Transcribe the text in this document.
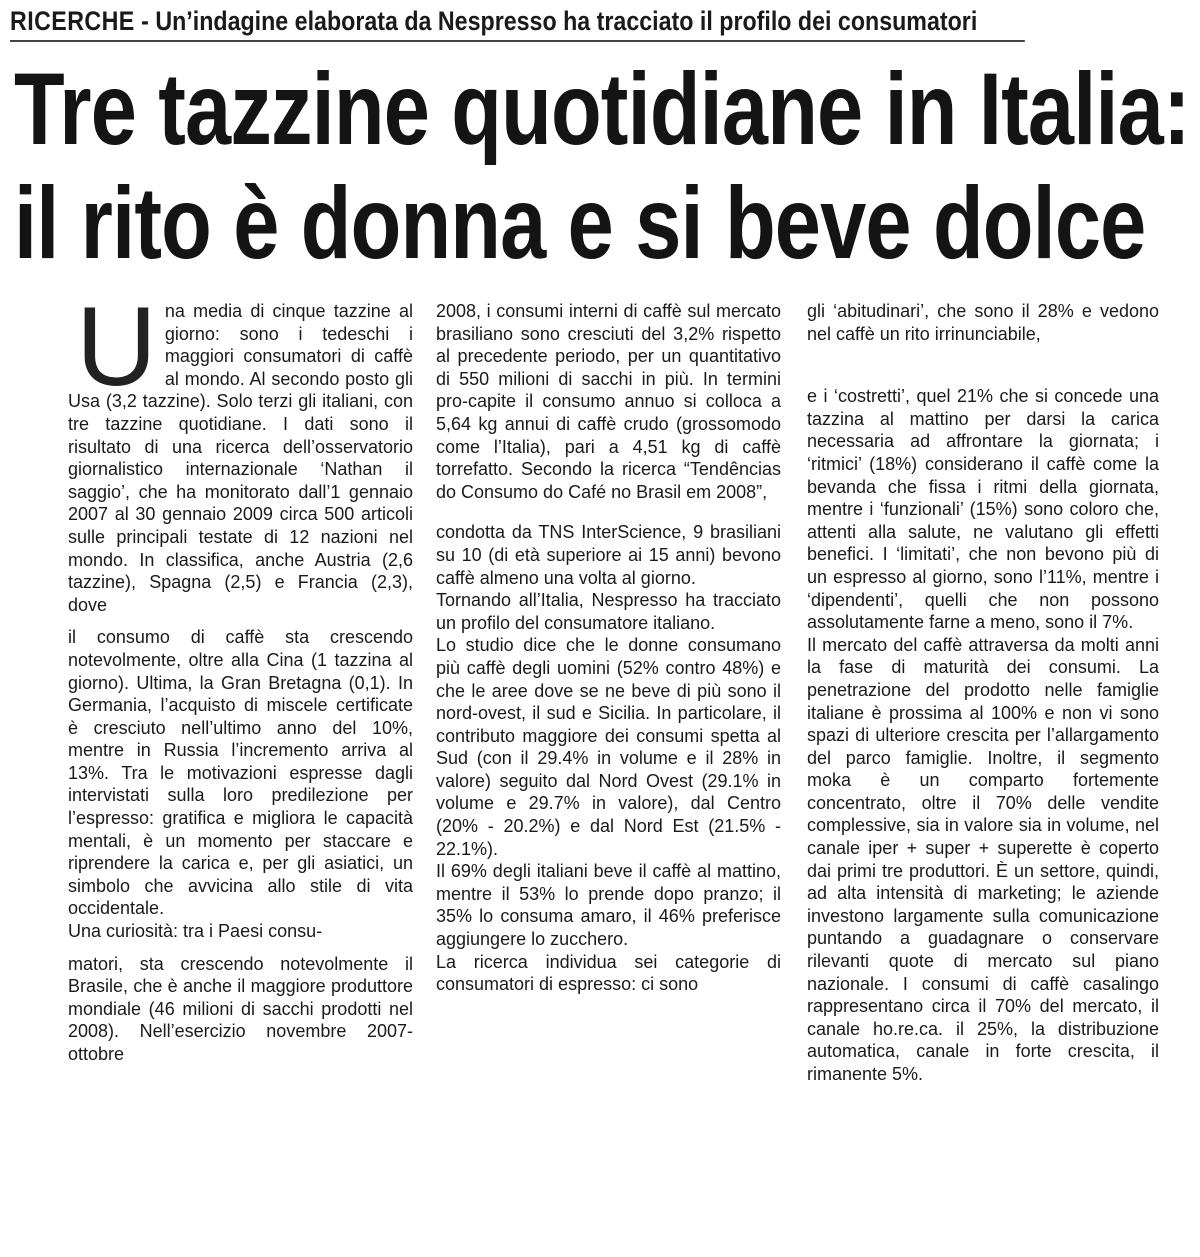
RICERCHE - Un’indagine elaborata da Nespresso ha tracciato il profilo dei consumatori
Tre tazzine quotidiane in Italia:
il rito è donna e si beve dolce

Una media di cinque tazzine al giorno: sono i tedeschi i maggiori consumatori di caffè al mondo. Al secondo posto gli Usa (3,2 tazzine). Solo terzi gli italiani, con tre tazzine quotidiane. I dati sono il risultato di una ricerca dell’osservatorio giornalistico internazionale ‘Nathan il saggio’, che ha monitorato dall’1 gennaio 2007 al 30 gennaio 2009 circa 500 articoli sulle principali testate di 12 nazioni nel mondo. In classifica, anche Austria (2,6 tazzine), Spagna (2,5) e Francia (2,3), dove

il consumo di caffè sta crescendo notevolmente, oltre alla Cina (1 tazzina al giorno). Ultima, la Gran Bretagna (0,1). In Germania, l’acquisto di miscele certificate è cresciuto nell’ultimo anno del 10%, mentre in Russia l’incremento arriva al 13%. Tra le motivazioni espresse dagli intervistati sulla loro predilezione per l’espresso: gratifica e migliora le capacità mentali, è un momento per staccare e riprendere la carica e, per gli asiatici, un simbolo che avvicina allo stile di vita occidentale.

Una curiosità: tra i Paesi consu-

matori, sta crescendo notevolmente il Brasile, che è anche il maggiore produttore mondiale (46 milioni di sacchi prodotti nel 2008). Nell’esercizio novembre 2007- ottobre

2008, i consumi interni di caffè sul mercato brasiliano sono cresciuti del 3,2% rispetto al precedente periodo, per un quantitativo di 550 milioni di sacchi in più. In termini pro-capite il consumo annuo si colloca a 5,64 kg annui di caffè crudo (grossomodo come l’Italia), pari a 4,51 kg di caffè torrefatto. Secondo la ricerca “Tendências do Consumo do Café no Brasil em 2008”,

condotta da TNS InterScience, 9 brasiliani su 10 (di età superiore ai 15 anni) bevono caffè almeno una volta al giorno.

Tornando all’Italia, Nespresso ha tracciato un profilo del consumatore italiano.

Lo studio dice che le donne consumano più caffè degli uomini (52% contro 48%) e che le aree dove se ne beve di più sono il nord-ovest, il sud e Sicilia. In particolare, il contributo maggiore dei consumi spetta al Sud (con il 29.4% in volume e il 28% in valore) seguito dal Nord Ovest (29.1% in volume e 29.7% in valore), dal Centro (20% - 20.2%) e dal Nord Est (21.5% - 22.1%).

Il 69% degli italiani beve il caffè al mattino, mentre il 53% lo prende dopo pranzo; il 35% lo consuma amaro, il 46% preferisce aggiungere lo zucchero.

La ricerca individua sei categorie di consumatori di espresso: ci sono

gli ‘abitudinari’, che sono il 28% e vedono nel caffè un rito irrinunciabile,

e i ‘costretti’, quel 21% che si concede una tazzina al mattino per darsi la carica necessaria ad affrontare la giornata; i ‘ritmici’ (18%) considerano il caffè come la bevanda che fissa i ritmi della giornata, mentre i ‘funzionali’ (15%) sono coloro che, attenti alla salute, ne valutano gli effetti benefici. I ‘limitati’, che non bevono più di un espresso al giorno, sono l’11%, mentre i ‘dipendenti’, quelli che non possono assolutamente farne a meno, sono il 7%.

Il mercato del caffè attraversa da molti anni la fase di maturità dei consumi. La penetrazione del prodotto nelle famiglie italiane è prossima al 100% e non vi sono spazi di ulteriore crescita per l’allargamento del parco famiglie. Inoltre, il segmento moka è un comparto fortemente concentrato, oltre il 70% delle vendite complessive, sia in valore sia in volume, nel canale iper + super + superette è coperto dai primi tre produttori. È un settore, quindi, ad alta intensità di marketing; le aziende investono largamente sulla comunicazione puntando a guadagnare o conservare rilevanti quote di mercato sul piano nazionale. I consumi di caffè casalingo rappresentano circa il 70% del mercato, il canale ho.re.ca. il 25%, la distribuzione automatica, canale in forte crescita, il rimanente 5%.
